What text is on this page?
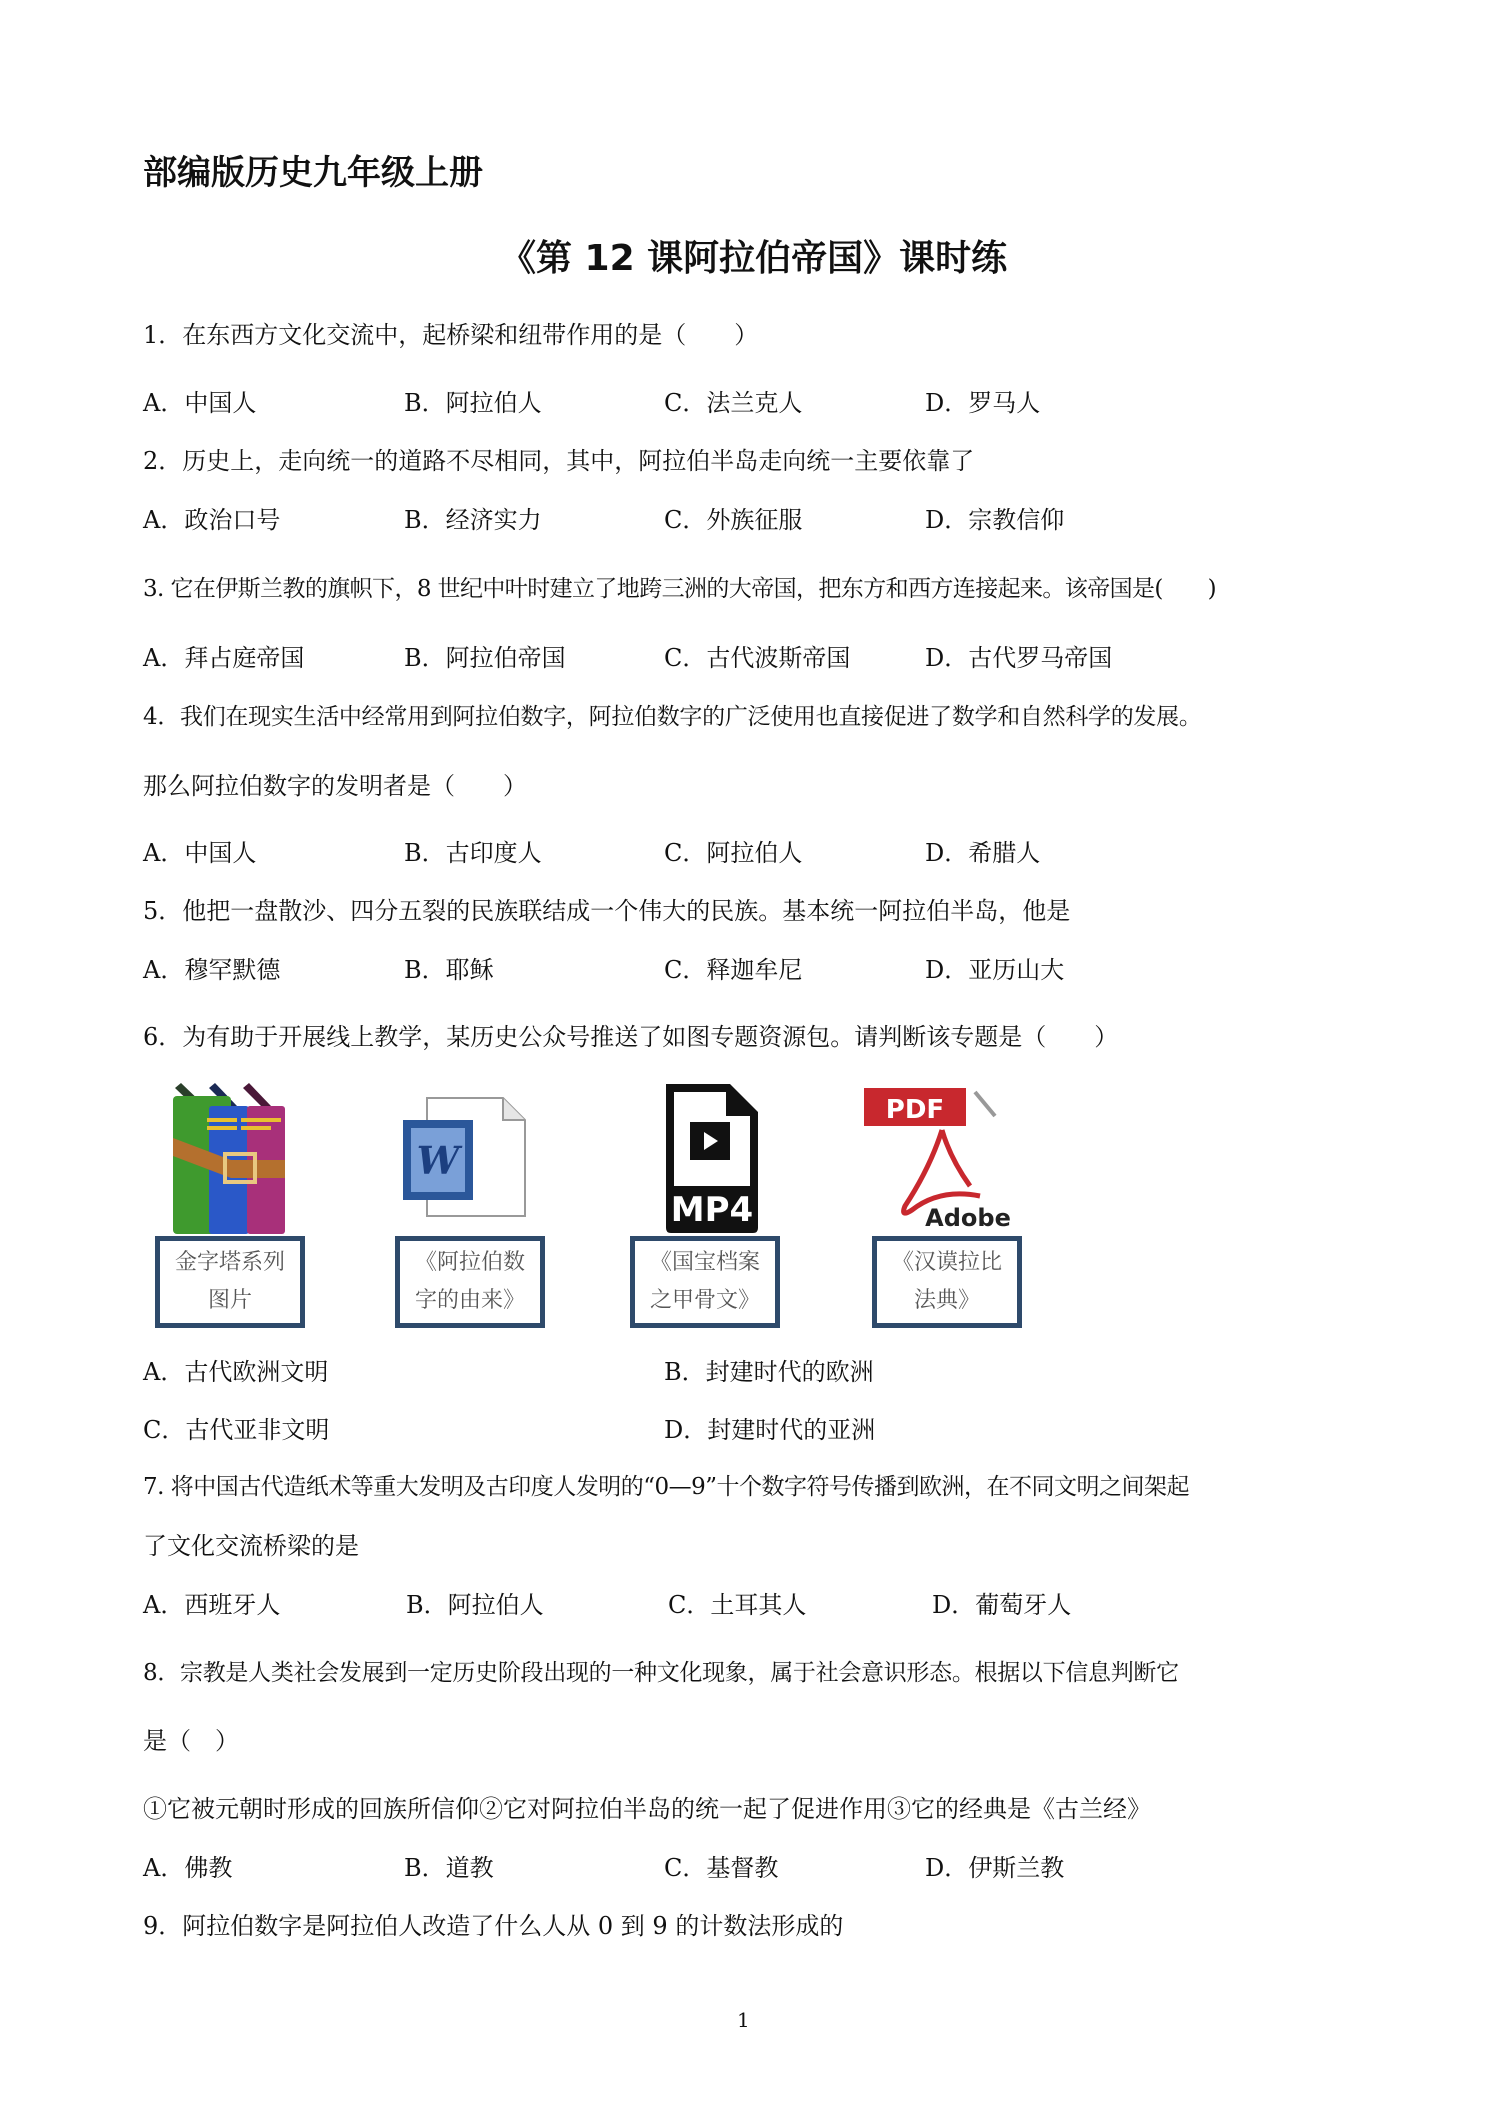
部编版历史九年级上册
《第 12 课阿拉伯帝国》课时练
1．在东西方文化交流中，起桥梁和纽带作用的是（　　）
A．中国人	B．阿拉伯人	C．法兰克人	D．罗马人
2．历史上，走向统一的道路不尽相同，其中，阿拉伯半岛走向统一主要依靠了
A．政治口号	B．经济实力	C．外族征服	D．宗教信仰
3. 它在伊斯兰教的旗帜下，8 世纪中叶时建立了地跨三洲的大帝国，把东方和西方连接起来。该帝国是(　　)
A．拜占庭帝国	B．阿拉伯帝国	C．古代波斯帝国	D．古代罗马帝国
4．我们在现实生活中经常用到阿拉伯数字，阿拉伯数字的广泛使用也直接促进了数学和自然科学的发展。
那么阿拉伯数字的发明者是（　　）
A．中国人	B．古印度人	C．阿拉伯人	D．希腊人
5．他把一盘散沙、四分五裂的民族联结成一个伟大的民族。基本统一阿拉伯半岛，他是
A．穆罕默德	B．耶稣	C．释迦牟尼	D．亚历山大
6．为有助于开展线上教学，某历史公众号推送了如图专题资源包。请判断该专题是（　　）
金字塔系列
图片
W
《阿拉伯数
字的由来》
MP4
《国宝档案
之甲骨文》
PDF
Adobe
《汉谟拉比
法典》
A．古代欧洲文明	B．封建时代的欧洲
C．古代亚非文明	D．封建时代的亚洲
7. 将中国古代造纸术等重大发明及古印度人发明的“0—9”十个数字符号传播到欧洲，在不同文明之间架起
了文化交流桥梁的是
A．西班牙人	B．阿拉伯人	C．土耳其人	D．葡萄牙人
8．宗教是人类社会发展到一定历史阶段出现的一种文化现象，属于社会意识形态。根据以下信息判断它
是（　）
①它被元朝时形成的回族所信仰②它对阿拉伯半岛的统一起了促进作用③它的经典是《古兰经》
A．佛教	B．道教	C．基督教	D．伊斯兰教
9．阿拉伯数字是阿拉伯人改造了什么人从 0 到 9 的计数法形成的
1
